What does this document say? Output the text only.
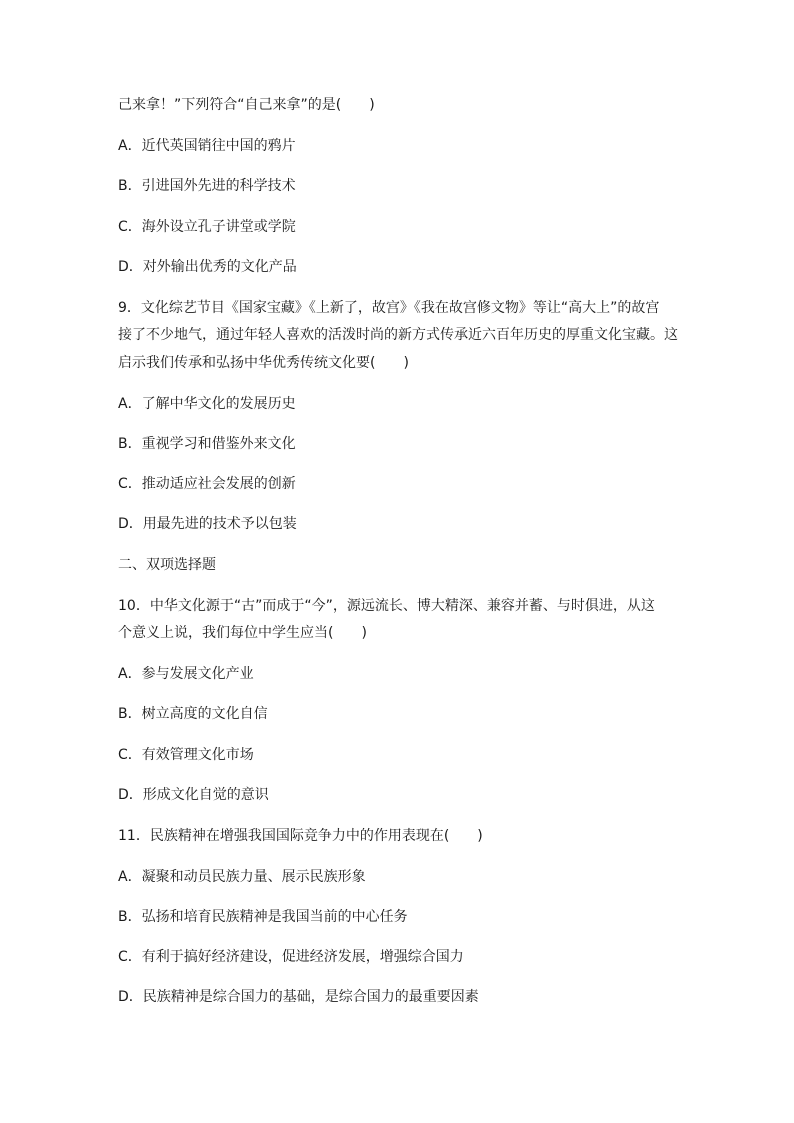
己来拿！”下列符合“自己来拿”的是(　　)
A．近代英国销往中国的鸦片
B．引进国外先进的科学技术
C．海外设立孔子讲堂或学院
D．对外输出优秀的文化产品
9．文化综艺节目《国家宝藏》《上新了，故宫》《我在故宫修文物》等让“高大上”的故宫
接了不少地气，通过年轻人喜欢的活泼时尚的新方式传承近六百年历史的厚重文化宝藏。这
启示我们传承和弘扬中华优秀传统文化要(　　)
A．了解中华文化的发展历史
B．重视学习和借鉴外来文化
C．推动适应社会发展的创新
D．用最先进的技术予以包装
二、双项选择题
10．中华文化源于“古”而成于“今”，源远流长、博大精深、兼容并蓄、与时俱进，从这
个意义上说，我们每位中学生应当(　　)
A．参与发展文化产业
B．树立高度的文化自信
C．有效管理文化市场
D．形成文化自觉的意识
11．民族精神在增强我国国际竞争力中的作用表现在(　　)
A．凝聚和动员民族力量、展示民族形象
B．弘扬和培育民族精神是我国当前的中心任务
C．有利于搞好经济建设，促进经济发展，增强综合国力
D．民族精神是综合国力的基础，是综合国力的最重要因素
